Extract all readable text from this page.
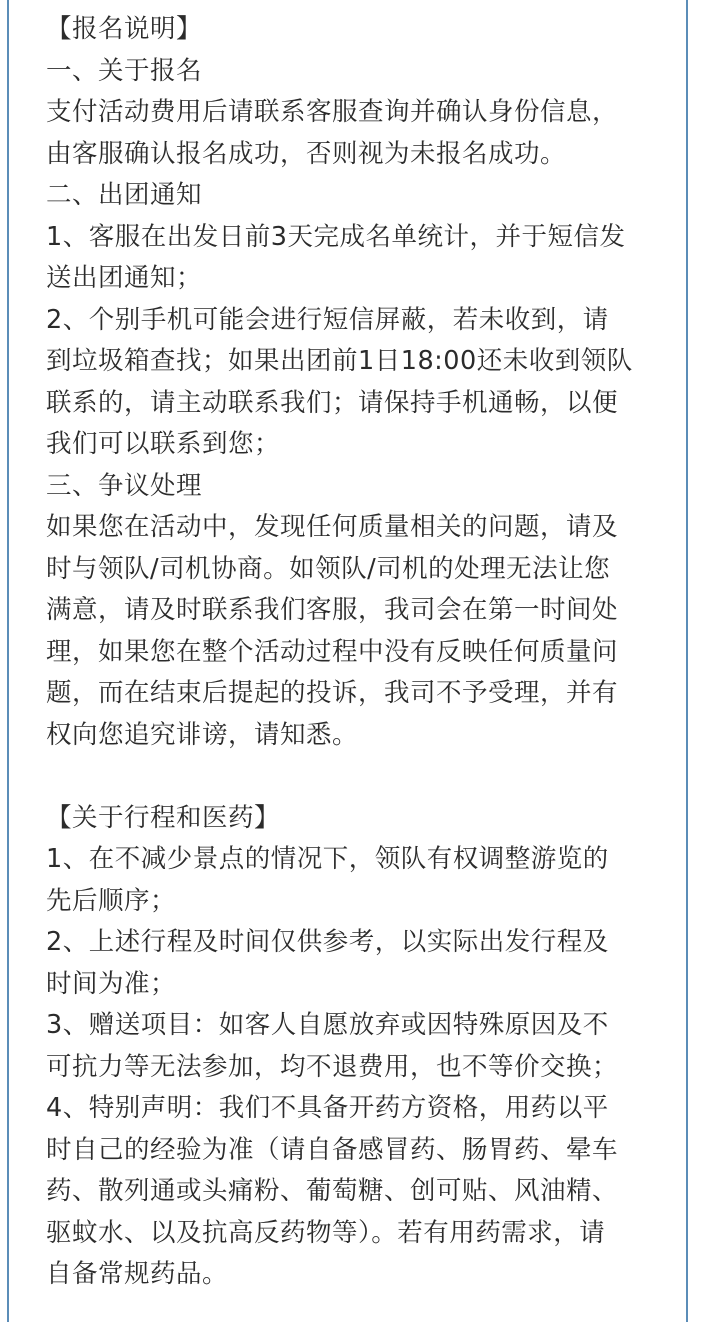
【报名说明】
一、关于报名
支付活动费用后请联系客服查询并确认身份信息，
由客服确认报名成功，否则视为未报名成功。
二、出团通知
1、客服在出发日前3天完成名单统计，并于短信发
送出团通知；
2、个别手机可能会进行短信屏蔽，若未收到，请
到垃圾箱查找；如果出团前1日18:00还未收到领队
联系的，请主动联系我们；请保持手机通畅，以便
我们可以联系到您；
三、争议处理
如果您在活动中，发现任何质量相关的问题，请及
时与领队/司机协商。如领队/司机的处理无法让您
满意，请及时联系我们客服，我司会在第一时间处
理，如果您在整个活动过程中没有反映任何质量问
题，而在结束后提起的投诉，我司不予受理，并有
权向您追究诽谤，请知悉。
【关于行程和医药】
1、在不减少景点的情况下，领队有权调整游览的
先后顺序；
2、上述行程及时间仅供参考，以实际出发行程及
时间为准；
3、赠送项目：如客人自愿放弃或因特殊原因及不
可抗力等无法参加，均不退费用，也不等价交换；
4、特别声明：我们不具备开药方资格，用药以平
时自己的经验为准（请自备感冒药、肠胃药、晕车
药、散列通或头痛粉、葡萄糖、创可贴、风油精、
驱蚊水、以及抗高反药物等）。若有用药需求，请
自备常规药品。
